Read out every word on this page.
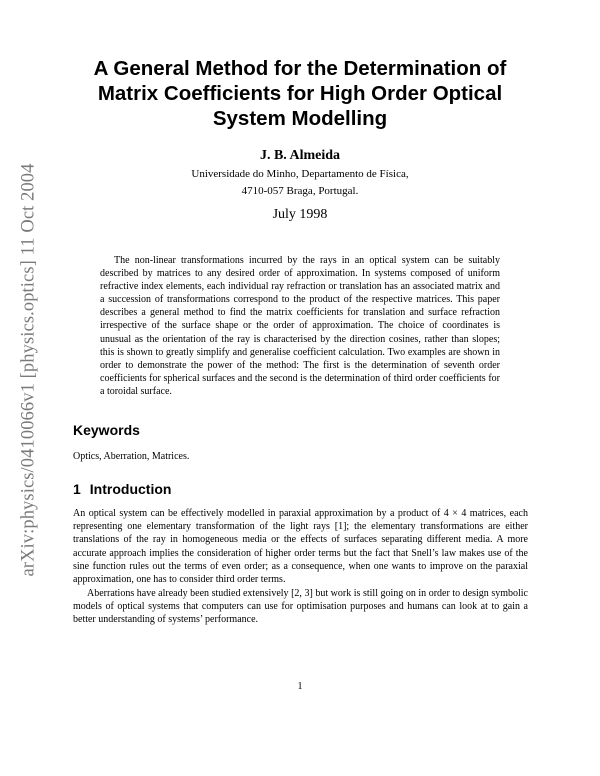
arXiv:physics/0410066v1 [physics.optics] 11 Oct 2004
A General Method for the Determination of Matrix Coefficients for High Order Optical System Modelling
J. B. Almeida
Universidade do Minho, Departamento de Física,
4710-057 Braga, Portugal.
July 1998

The non-linear transformations incurred by the rays in an optical system can be suitably described by matrices to any desired order of approximation. In systems composed of uniform refractive index elements, each individual ray refraction or translation has an associated matrix and a succession of transformations correspond to the product of the respective matrices. This paper describes a general method to find the matrix coefficients for translation and surface refraction irrespective of the surface shape or the order of approximation. The choice of coordinates is unusual as the orientation of the ray is characterised by the direction cosines, rather than slopes; this is shown to greatly simplify and generalise coefficient calculation. Two examples are shown in order to demonstrate the power of the method: The first is the determination of seventh order coefficients for spherical surfaces and the second is the determination of third order coefficients for a toroidal surface.

Keywords

Optics, Aberration, Matrices.

1 Introduction

An optical system can be effectively modelled in paraxial approximation by a product of 4 × 4 matrices, each representing one elementary transformation of the light rays [1]; the elementary transformations are either translations of the ray in homogeneous media or the effects of surfaces separating different media. A more accurate approach implies the consideration of higher order terms but the fact that Snell’s law makes use of the sine function rules out the terms of even order; as a consequence, when one wants to improve on the paraxial approximation, one has to consider third order terms.

Aberrations have already been studied extensively [2, 3] but work is still going on in order to design symbolic models of optical systems that computers can use for optimisation purposes and humans can look at to gain a better understanding of systems’ performance.

1
